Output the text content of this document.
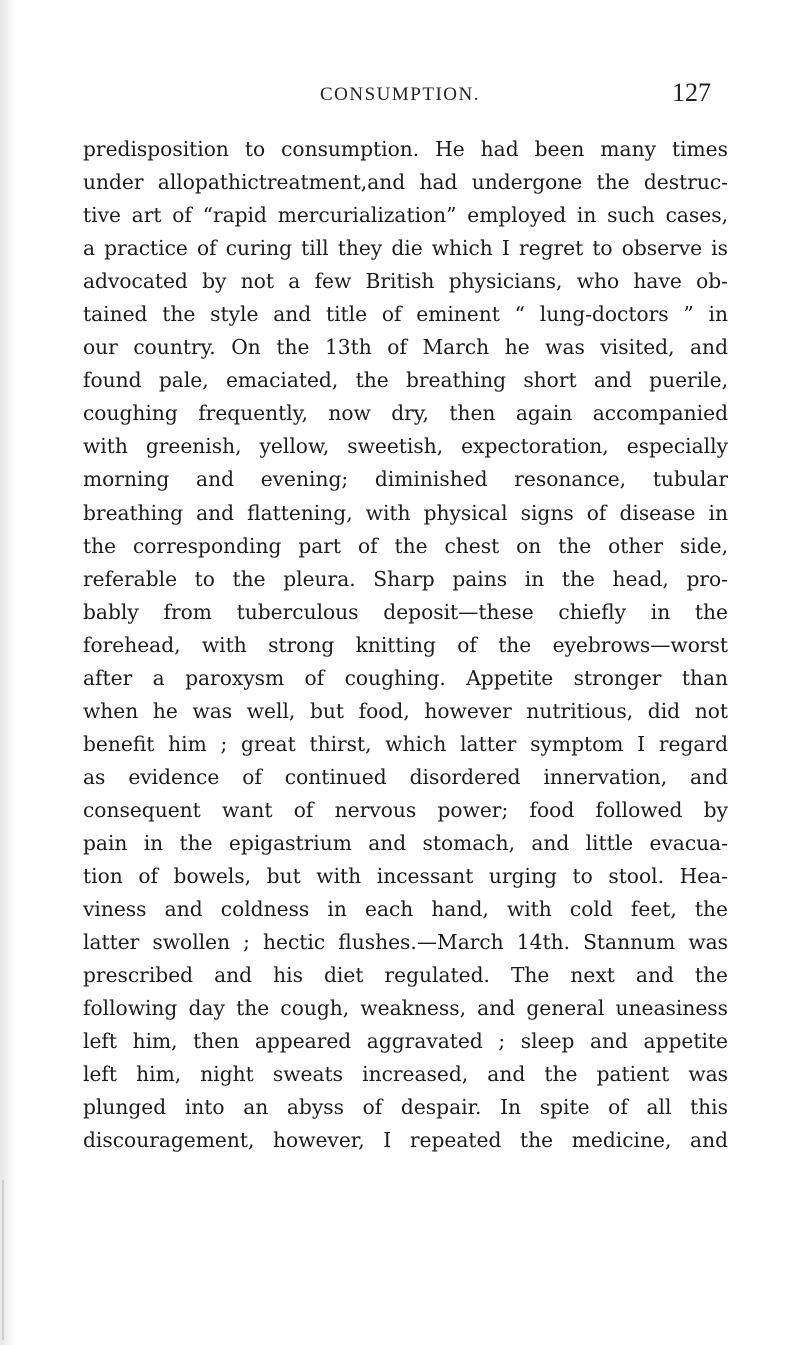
CONSUMPTION.	127
predisposition to consumption. He had been many times
under allopathictreatment,and had undergone the destruc-
tive art of “rapid mercurialization” employed in such cases,
a practice of curing till they die which I regret to observe is
advocated by not a few British physicians, who have ob-
tained the style and title of eminent “ lung-doctors ” in
our country. On the 13th of March he was visited, and
found pale, emaciated, the breathing short and puerile,
coughing frequently, now dry, then again accompanied
with greenish, yellow, sweetish, expectoration, especially
morning and evening; diminished resonance, tubular
breathing and flattening, with physical signs of disease in
the corresponding part of the chest on the other side,
referable to the pleura. Sharp pains in the head, pro-
bably from tuberculous deposit—these chiefly in the
forehead, with strong knitting of the eyebrows—worst
after a paroxysm of coughing. Appetite stronger than
when he was well, but food, however nutritious, did not
benefit him ; great thirst, which latter symptom I regard
as evidence of continued disordered innervation, and
consequent want of nervous power; food followed by
pain in the epigastrium and stomach, and little evacua-
tion of bowels, but with incessant urging to stool. Hea-
viness and coldness in each hand, with cold feet, the
latter swollen ; hectic flushes.—March 14th. Stannum was
prescribed and his diet regulated. The next and the
following day the cough, weakness, and general uneasiness
left him, then appeared aggravated ; sleep and appetite
left him, night sweats increased, and the patient was
plunged into an abyss of despair. In spite of all this
discouragement, however, I repeated the medicine, and
